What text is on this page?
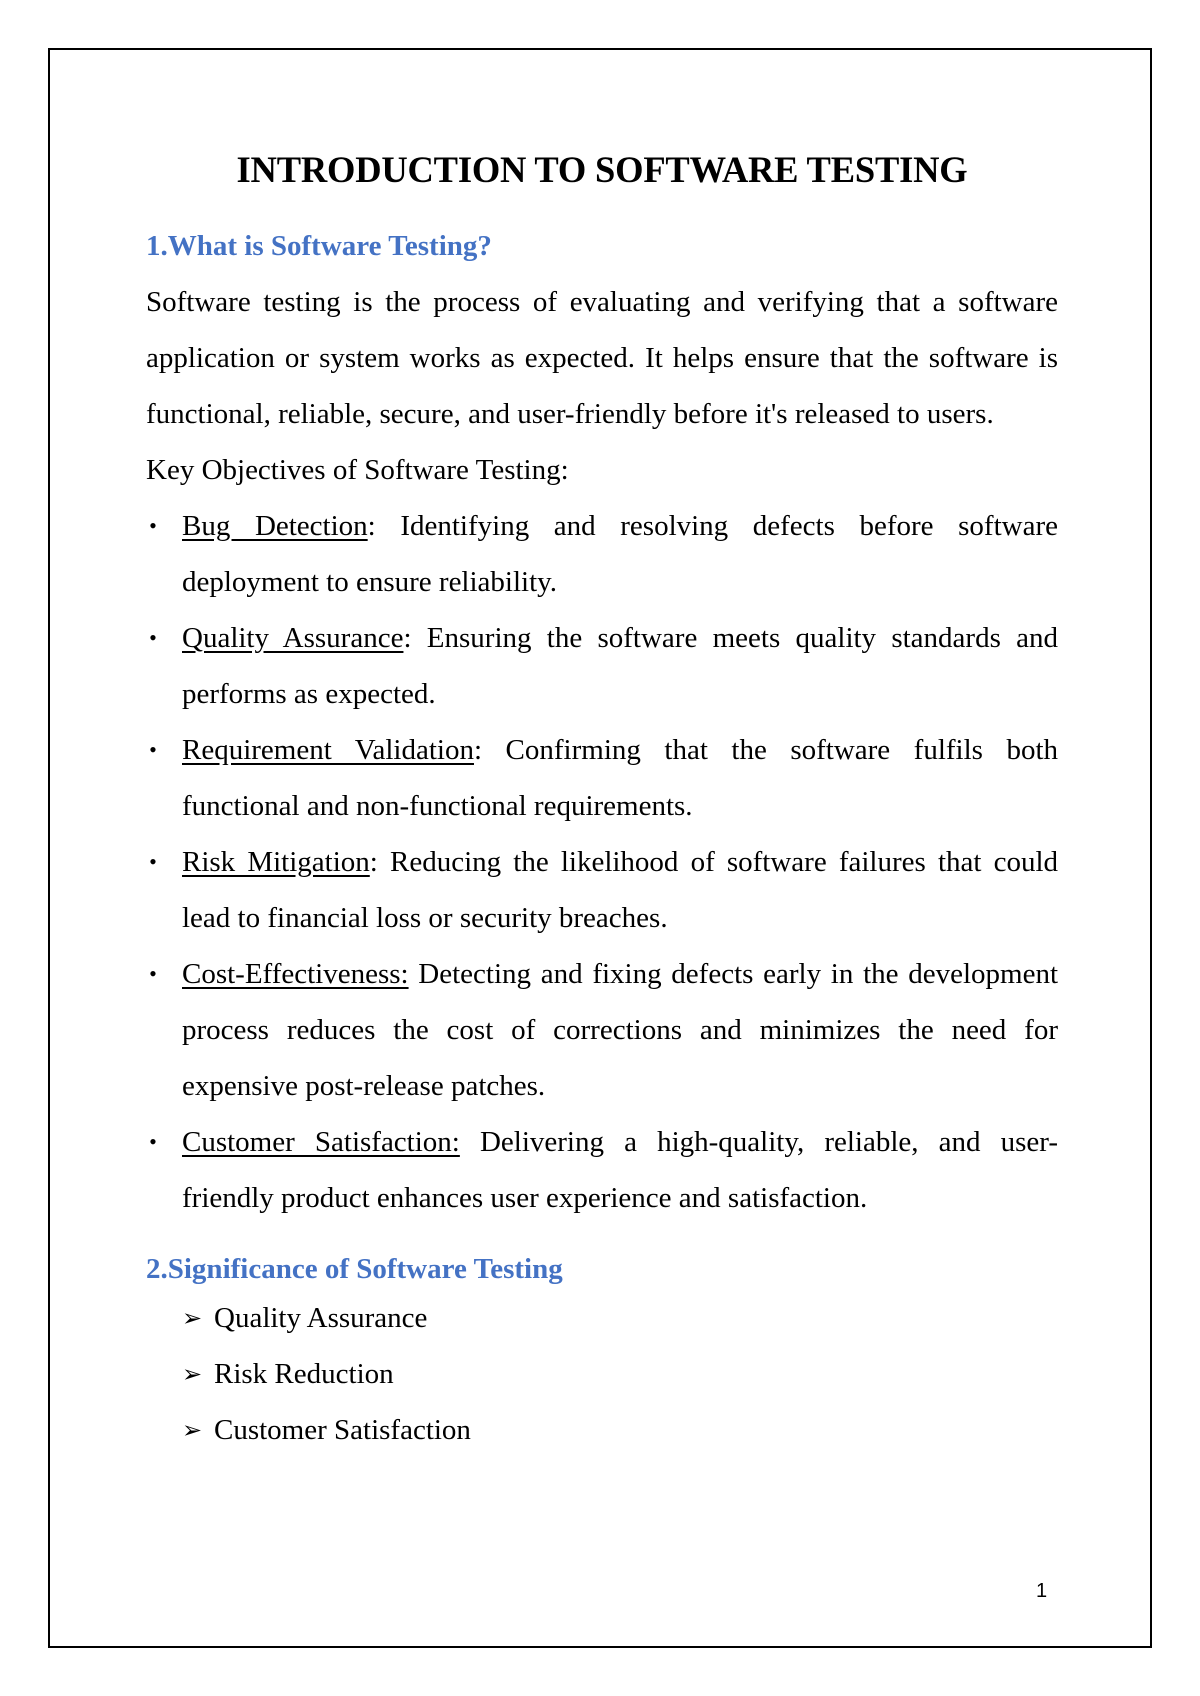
INTRODUCTION TO SOFTWARE TESTING
1.What is Software Testing?

Software testing is the process of evaluating and verifying that a software application or system works as expected. It helps ensure that the software is functional, reliable, secure, and user-friendly before it's released to users.

Key Objectives of Software Testing:

• Bug Detection: Identifying and resolving defects before software deployment to ensure reliability.
• Quality Assurance: Ensuring the software meets quality standards and performs as expected.
• Requirement Validation: Confirming that the software fulfils both functional and non-functional requirements.
• Risk Mitigation: Reducing the likelihood of software failures that could lead to financial loss or security breaches.
• Cost-Effectiveness: Detecting and fixing defects early in the development process reduces the cost of corrections and minimizes the need for expensive post-release patches.
• Customer Satisfaction: Delivering a high-quality, reliable, and user-friendly product enhances user experience and satisfaction.
2.Significance of Software Testing
➢ Quality Assurance
➢ Risk Reduction
➢ Customer Satisfaction
1
